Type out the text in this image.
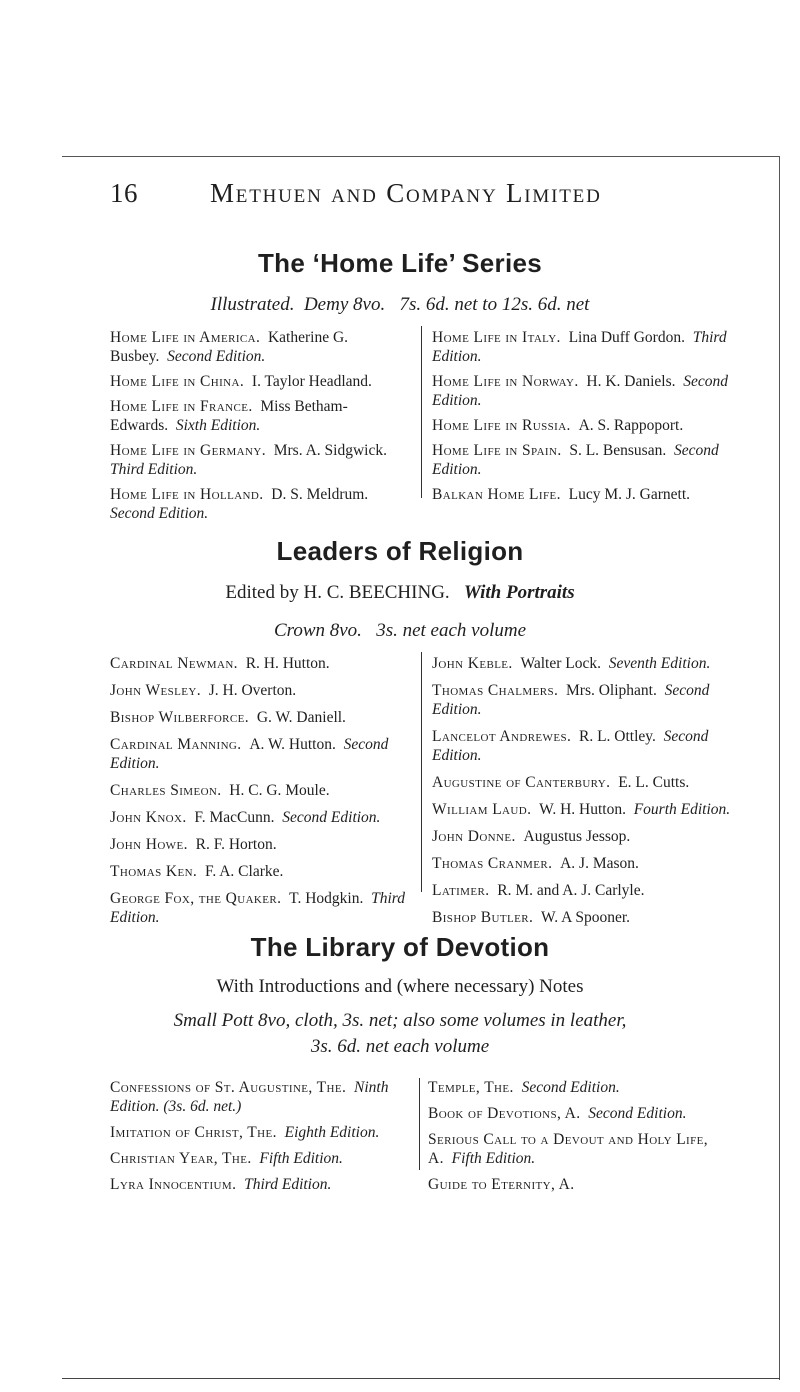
16	Methuen and Company Limited
The ‘Home Life’ Series
Illustrated. Demy 8vo. 7s. 6d. net to 12s. 6d. net
Home Life in America.  Katherine G. Busbey.  Second Edition.
Home Life in China.  I. Taylor Headland.
Home Life in France.  Miss Betham-Edwards.  Sixth Edition.
Home Life in Germany.  Mrs. A. Sidgwick. Third Edition.
Home Life in Holland.  D. S. Meldrum. Second Edition.
Home Life in Italy.  Lina Duff Gordon.  Third Edition.
Home Life in Norway.  H. K. Daniels.  Second Edition.
Home Life in Russia.  A. S. Rappoport.
Home Life in Spain.  S. L. Bensusan.  Second Edition.
Balkan Home Life.  Lucy M. J. Garnett.
Leaders of Religion
Edited by H. C. BEECHING. With Portraits
Crown 8vo. 3s. net each volume
Cardinal Newman.  R. H. Hutton.
John Wesley.  J. H. Overton.
Bishop Wilberforce.  G. W. Daniell.
Cardinal Manning.  A. W. Hutton.  Second Edition.
Charles Simeon.  H. C. G. Moule.
John Knox.  F. MacCunn.  Second Edition.
John Howe.  R. F. Horton.
Thomas Ken.  F. A. Clarke.
George Fox, the Quaker.  T. Hodgkin.  Third Edition.
John Keble.  Walter Lock.  Seventh Edition.
Thomas Chalmers.  Mrs. Oliphant.  Second Edition.
Lancelot Andrewes.  R. L. Ottley.  Second Edition.
Augustine of Canterbury.  E. L. Cutts.
William Laud.  W. H. Hutton.  Fourth Edition.
John Donne.  Augustus Jessop.
Thomas Cranmer.  A. J. Mason.
Latimer.  R. M. and A. J. Carlyle.
Bishop Butler.  W. A Spooner.
The Library of Devotion
With Introductions and (where necessary) Notes
Small Pott 8vo, cloth, 3s. net; also some volumes in leather,
3s. 6d. net each volume
Confessions of St. Augustine, The.  Ninth Edition. (3s. 6d. net.)
Imitation of Christ, The.  Eighth Edition.
Christian Year, The.  Fifth Edition.
Lyra Innocentium.  Third Edition.
Temple, The.  Second Edition.
Book of Devotions, A.  Second Edition.
Serious Call to a Devout and Holy Life, A.  Fifth Edition.
Guide to Eternity, A.
